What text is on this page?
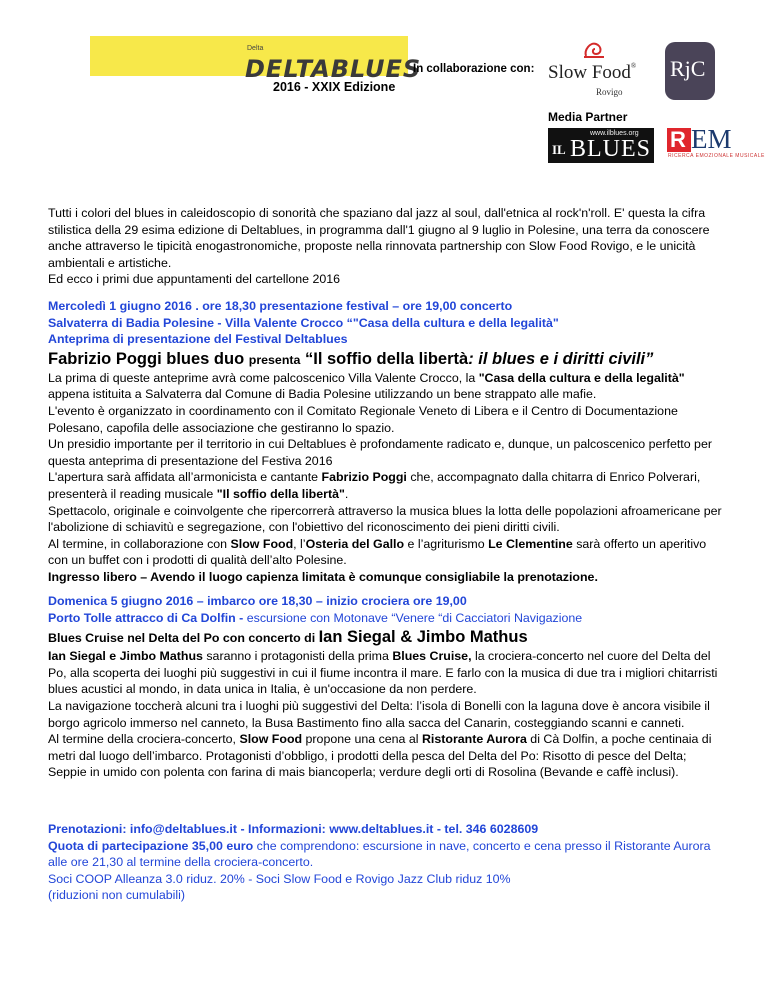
Delta
DELTABLUES
2016 - XXIX Edizione
In collaborazione con: Slow Food®
Rovigo
RjC
Media Partner
www.ilblues.org
IL BLUES R EM
RICERCA EMOZIONALE MUSICALE

Tutti i colori del blues in caleidoscopio di sonorità che spaziano dal jazz al soul, dall'etnica al rock'n'roll. E' questa la cifra stilistica della 29 esima edizione di Deltablues, in programma dall'1 giugno al 9 luglio in Polesine, una terra da conoscere anche attraverso le tipicità enogastronomiche, proposte nella rinnovata partnership con Slow Food Rovigo, e le unicità ambientali e artistiche.

Ed ecco i primi due appuntamenti del cartellone 2016

Mercoledì 1 giugno 2016 . ore 18,30 presentazione festival – ore 19,00 concerto

Salvaterra di Badia Polesine - Villa Valente Crocco “"Casa della cultura e della legalità"

Anteprima di presentazione del Festival Deltablues

Fabrizio Poggi blues duo presenta “Il soffio della libertà: il blues e i diritti civili”

La prima di queste anteprime avrà come palcoscenico Villa Valente Crocco, la "Casa della cultura e della legalità" appena istituita a Salvaterra dal Comune di Badia Polesine utilizzando un bene strappato alle mafie.

L'evento è organizzato in coordinamento con il Comitato Regionale Veneto di Libera e il Centro di Documentazione Polesano, capofila delle associazione che gestiranno lo spazio.

Un presidio importante per il territorio in cui Deltablues è profondamente radicato e, dunque, un palcoscenico perfetto per questa anteprima di presentazione del Festiva 2016

L'apertura sarà affidata all’armonicista e cantante Fabrizio Poggi che, accompagnato dalla chitarra di Enrico Polverari, presenterà il reading musicale "Il soffio della libertà".

Spettacolo, originale e coinvolgente che ripercorrerà attraverso la musica blues la lotta delle popolazioni afroamericane per l'abolizione di schiavitù e segregazione, con l'obiettivo del riconoscimento dei pieni diritti civili.

Al termine, in collaborazione con Slow Food, l’Osteria del Gallo e l’agriturismo Le Clementine sarà offerto un aperitivo con un buffet con i prodotti di qualità dell’alto Polesine.

Ingresso libero – Avendo il luogo capienza limitata è comunque consigliabile la prenotazione.

Domenica 5 giugno 2016 – imbarco ore 18,30 – inizio crociera ore 19,00

Porto Tolle attracco di Ca Dolfin - escursione con Motonave “Venere “di Cacciatori Navigazione

Blues Cruise nel Delta del Po con concerto di Ian Siegal & Jimbo Mathus

Ian Siegal e Jimbo Mathus saranno i protagonisti della prima Blues Cruise, la crociera-concerto nel cuore del Delta del Po, alla scoperta dei luoghi più suggestivi in cui il fiume incontra il mare. E farlo con la musica di due tra i migliori chitarristi blues acustici al mondo, in data unica in Italia, è un'occasione da non perdere.

La navigazione toccherà alcuni tra i luoghi più suggestivi del Delta: l’isola di Bonelli con la laguna dove è ancora visibile il borgo agricolo immerso nel canneto, la Busa Bastimento fino alla sacca del Canarin, costeggiando scanni e canneti.

Al termine della crociera-concerto, Slow Food propone una cena al Ristorante Aurora di Cà Dolfin, a poche centinaia di metri dal luogo dell’imbarco. Protagonisti d’obbligo, i prodotti della pesca del Delta del Po: Risotto di pesce del Delta; Seppie in umido con polenta con farina di mais biancoperla; verdure degli orti di Rosolina (Bevande e caffè inclusi).

Prenotazioni: info@deltablues.it - Informazioni: www.deltablues.it - tel. 346 6028609

Quota di partecipazione 35,00 euro che comprendono: escursione in nave, concerto e cena presso il Ristorante Aurora alle ore 21,30 al termine della crociera-concerto.

Soci COOP Alleanza 3.0 riduz. 20% - Soci Slow Food e Rovigo Jazz Club riduz 10%

(riduzioni non cumulabili)
